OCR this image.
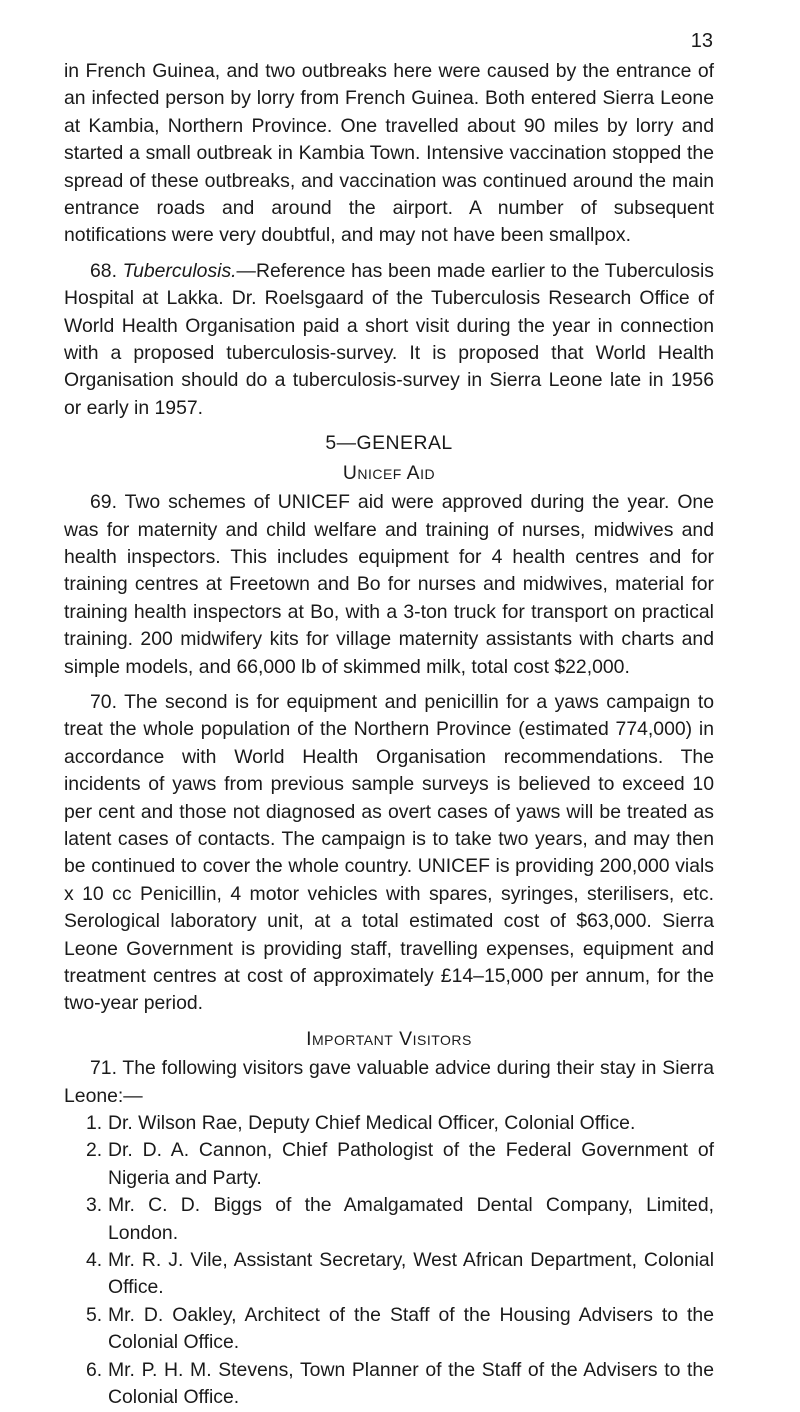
13

in French Guinea, and two outbreaks here were caused by the entrance of an infected person by lorry from French Guinea. Both entered Sierra Leone at Kambia, Northern Province. One travelled about 90 miles by lorry and started a small outbreak in Kambia Town. Intensive vaccination stopped the spread of these outbreaks, and vaccination was continued around the main entrance roads and around the airport. A number of subsequent notifications were very doubtful, and may not have been smallpox.

68. Tuberculosis.—Reference has been made earlier to the Tuberculosis Hospital at Lakka. Dr. Roelsgaard of the Tuberculosis Research Office of World Health Organisation paid a short visit during the year in connection with a proposed tuberculosis-survey. It is proposed that World Health Organisation should do a tuberculosis-survey in Sierra Leone late in 1956 or early in 1957.

5—GENERAL
Unicef Aid

69. Two schemes of UNICEF aid were approved during the year. One was for maternity and child welfare and training of nurses, midwives and health inspectors. This includes equipment for 4 health centres and for training centres at Freetown and Bo for nurses and midwives, material for training health inspectors at Bo, with a 3-ton truck for transport on practical training. 200 midwifery kits for village maternity assistants with charts and simple models, and 66,000 lb of skimmed milk, total cost $22,000.

70. The second is for equipment and penicillin for a yaws campaign to treat the whole population of the Northern Province (estimated 774,000) in accordance with World Health Organisation recommendations. The incidents of yaws from previous sample surveys is believed to exceed 10 per cent and those not diagnosed as overt cases of yaws will be treated as latent cases of contacts. The campaign is to take two years, and may then be continued to cover the whole country. UNICEF is providing 200,000 vials x 10 cc Penicillin, 4 motor vehicles with spares, syringes, sterilisers, etc. Serological laboratory unit, at a total estimated cost of $63,000. Sierra Leone Government is providing staff, travelling expenses, equipment and treatment centres at cost of approximately £14–15,000 per annum, for the two-year period.

Important Visitors

71. The following visitors gave valuable advice during their stay in Sierra Leone:—

1. Dr. Wilson Rae, Deputy Chief Medical Officer, Colonial Office.
2. Dr. D. A. Cannon, Chief Pathologist of the Federal Government of Nigeria and Party.
3. Mr. C. D. Biggs of the Amalgamated Dental Company, Limited, London.
4. Mr. R. J. Vile, Assistant Secretary, West African Department, Colonial Office.
5. Mr. D. Oakley, Architect of the Staff of the Housing Advisers to the Colonial Office.
6. Mr. P. H. M. Stevens, Town Planner of the Staff of the Advisers to the Colonial Office.
